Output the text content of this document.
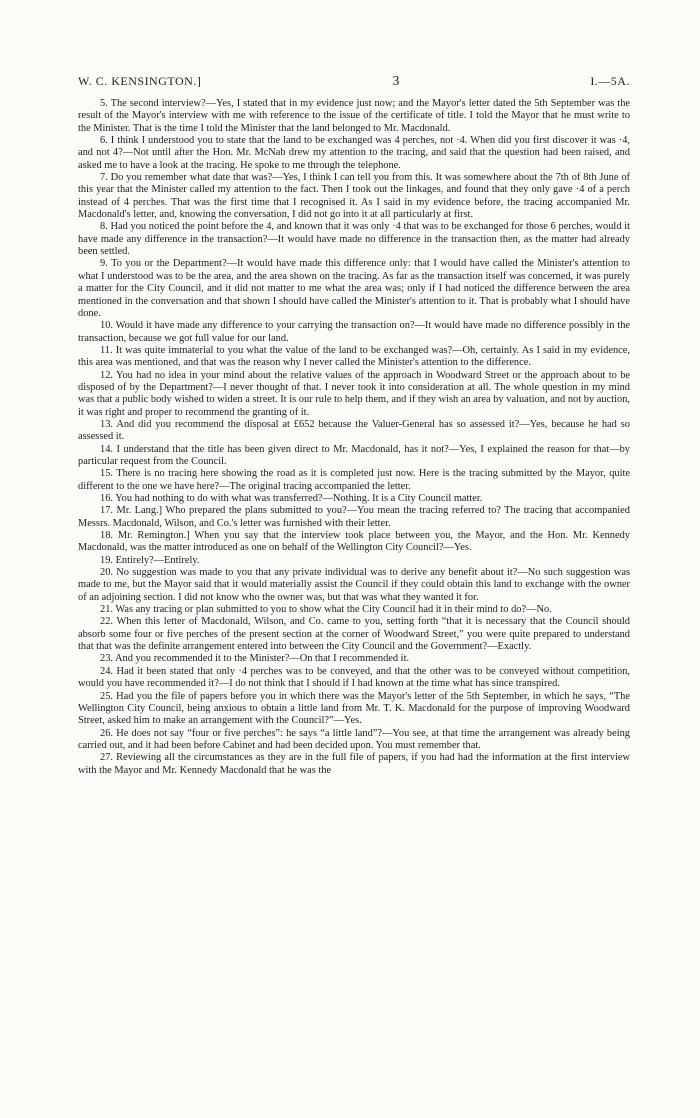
W. C. KENSINGTON.]	3	I.—5A.

5. The second interview?—Yes, I stated that in my evidence just now; and the Mayor's letter dated the 5th September was the result of the Mayor's interview with me with reference to the issue of the certificate of title. I told the Mayor that he must write to the Minister. That is the time I told the Minister that the land belonged to Mr. Macdonald.

6. I think I understood you to state that the land to be exchanged was 4 perches, not ·4. When did you first discover it was ·4, and not 4?—Not until after the Hon. Mr. McNab drew my attention to the tracing, and said that the question had been raised, and asked me to have a look at the tracing. He spoke to me through the telephone.

7. Do you remember what date that was?—Yes, I think I can tell you from this. It was somewhere about the 7th of 8th June of this year that the Minister called my attention to the fact. Then I took out the linkages, and found that they only gave ·4 of a perch instead of 4 perches. That was the first time that I recognised it. As I said in my evidence before, the tracing accompanied Mr. Macdonald's letter, and, knowing the conversation, I did not go into it at all particularly at first.

8. Had you noticed the point before the 4, and known that it was only ·4 that was to be exchanged for those 6 perches, would it have made any difference in the transaction?—It would have made no difference in the transaction then, as the matter had already been settled.

9. To you or the Department?—It would have made this difference only: that I would have called the Minister's attention to what I understood was to be the area, and the area shown on the tracing. As far as the transaction itself was concerned, it was purely a matter for the City Council, and it did not matter to me what the area was; only if I had noticed the difference between the area mentioned in the conversation and that shown I should have called the Minister's attention to it. That is probably what I should have done.

10. Would it have made any difference to your carrying the transaction on?—It would have made no difference possibly in the transaction, because we got full value for our land.

11. It was quite immaterial to you what the value of the land to be exchanged was?—Oh, certainly. As I said in my evidence, this area was mentioned, and that was the reason why I never called the Minister's attention to the difference.

12. You had no idea in your mind about the relative values of the approach in Woodward Street or the approach about to be disposed of by the Department?—I never thought of that. I never took it into consideration at all. The whole question in my mind was that a public body wished to widen a street. It is our rule to help them, and if they wish an area by valuation, and not by auction, it was right and proper to recommend the granting of it.

13. And did you recommend the disposal at £652 because the Valuer-General has so assessed it?—Yes, because he had so assessed it.

14. I understand that the title has been given direct to Mr. Macdonald, has it not?—Yes, I explained the reason for that—by particular request from the Council.

15. There is no tracing here showing the road as it is completed just now. Here is the tracing submitted by the Mayor, quite different to the one we have here?—The original tracing accompanied the letter.

16. You had nothing to do with what was transferred?—Nothing. It is a City Council matter.

17. Mr. Lang.] Who prepared the plans submitted to you?—You mean the tracing referred to? The tracing that accompanied Messrs. Macdonald, Wilson, and Co.'s letter was furnished with their letter.

18. Mr. Remington.] When you say that the interview took place between you, the Mayor, and the Hon. Mr. Kennedy Macdonald, was the matter introduced as one on behalf of the Wellington City Council?—Yes.

19. Entirely?—Entirely.

20. No suggestion was made to you that any private individual was to derive any benefit about it?—No such suggestion was made to me, but the Mayor said that it would materially assist the Council if they could obtain this land to exchange with the owner of an adjoining section. I did not know who the owner was, but that was what they wanted it for.

21. Was any tracing or plan submitted to you to show what the City Council had it in their mind to do?—No.

22. When this letter of Macdonald, Wilson, and Co. came to you, setting forth “that it is necessary that the Council should absorb some four or five perches of the present section at the corner of Woodward Street,” you were quite prepared to understand that that was the definite arrangement entered into between the City Council and the Government?—Exactly.

23. And you recommended it to the Minister?—On that I recommended it.

24. Had it been stated that only ·4 perches was to be conveyed, and that the other was to be conveyed without competition, would you have recommended it?—I do not think that I should if I had known at the time what has since transpired.

25. Had you the file of papers before you in which there was the Mayor's letter of the 5th September, in which he says, “The Wellington City Council, being anxious to obtain a little land from Mr. T. K. Macdonald for the purpose of improving Woodward Street, asked him to make an arrangement with the Council?”—Yes.

26. He does not say “four or five perches”: he says “a little land”?—You see, at that time the arrangement was already being carried out, and it had been before Cabinet and had been decided upon. You must remember that.

27. Reviewing all the circumstances as they are in the full file of papers, if you had had the information at the first interview with the Mayor and Mr. Kennedy Macdonald that he was the
